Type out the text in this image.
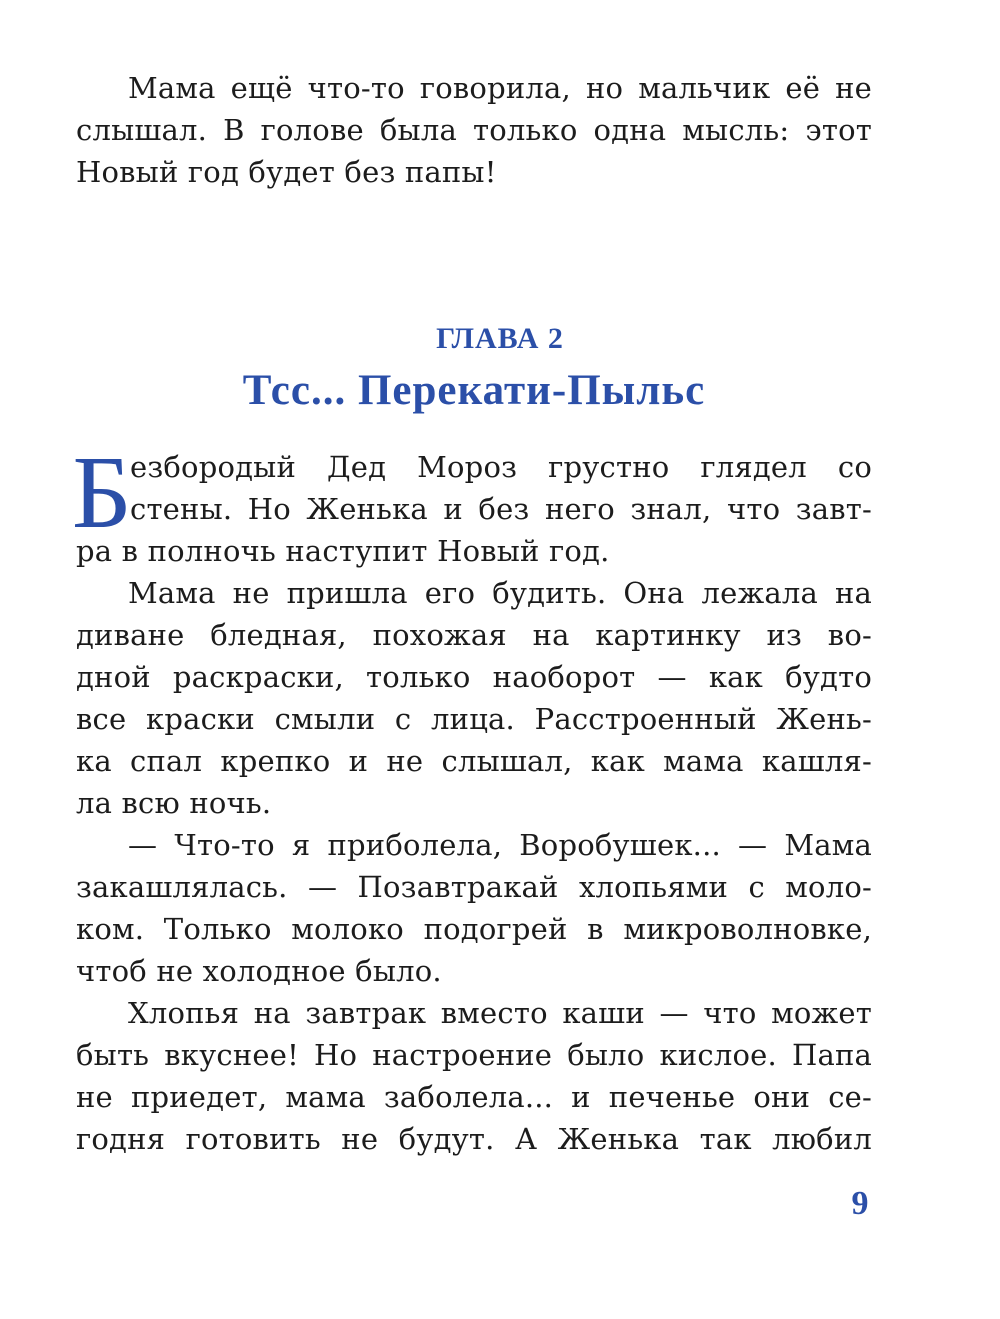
Мама ещё что-то говорила, но мальчик её не
слышал. В голове была только одна мысль: этот
Новый год будет без папы!
ГЛАВА 2
Тсс... Перекати-Пыльс
Б
езбородый Дед Мороз грустно глядел со
стены. Но Женька и без него знал, что завт-
ра в полночь наступит Новый год.
Мама не пришла его будить. Она лежала на
диване бледная, похожая на картинку из во-
дной раскраски, только наоборот — как будто
все краски смыли с лица. Расстроенный Жень-
ка спал крепко и не слышал, как мама кашля-
ла всю ночь.
— Что-то я приболела, Воробушек... — Мама
закашлялась. — Позавтракай хлопьями с моло-
ком. Только молоко подогрей в микроволновке,
чтоб не холодное было.
Хлопья на завтрак вместо каши — что может
быть вкуснее! Но настроение было кислое. Папа
не приедет, мама заболела... и печенье они се-
годня готовить не будут. А Женька так любил
9
